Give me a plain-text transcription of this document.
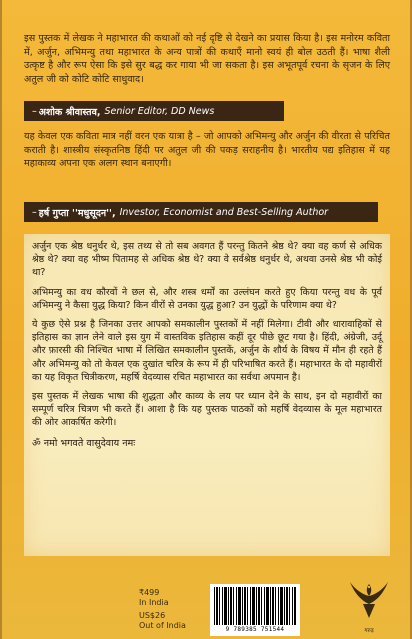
इस पुस्तक में लेखक ने महाभारत की कथाओं को नई दृष्टि से देखने का प्रयास किया है। इस मनोरम कविता में, अर्जुन, अभिमन्यु तथा महाभारत के अन्य पात्रों की कथाएँ मानो स्वयं ही बोल उठती हैं। भाषा शैली उत्कृष्ट है और रूप ऐसा कि इसे सुर बद्ध कर गाया भी जा सकता है। इस अभूतपूर्व रचना के सृजन के लिए अतुल जी को कोटि कोटि साधुवाद।
– अशोक श्रीवास्तव, Senior Editor, DD News
यह केवल एक कविता मात्र नहीं वरन एक यात्रा है – जो आपको अभिमन्यु और अर्जुन की वीरता से परिचित कराती है। शास्त्रीय संस्कृतनिष्ठ हिंदी पर अतुल जी की पकड़ सराहनीय है। भारतीय पद्य इतिहास में यह महाकाव्य अपना एक अलग स्थान बनाएगी।
– हर्ष गुप्ता ''मधुसूदन'', Investor, Economist and Best-Selling Author

अर्जुन एक श्रेष्ठ धनुर्धर थे, इस तथ्य से तो सब अवगत हैं परन्तु कितने श्रेष्ठ थे? क्या वह कर्ण से अधिक श्रेष्ठ थे? क्या वह भीष्म पितामह से अधिक श्रेष्ठ थे? क्या वे सर्वश्रेष्ठ धनुर्धर थे, अथवा उनसे श्रेष्ठ भी कोई था?

अभिमन्यु का वध कौरवों ने छल से, और शस्त्र धर्मों का उल्लंघन करते हुए किया परन्तु वध के पूर्व अभिमन्यु ने कैसा युद्ध किया? किन वीरों से उनका युद्ध हुआ? उन युद्धों के परिणाम क्या थे?

ये कुछ ऐसे प्रश्न है जिनका उत्तर आपको समकालीन पुस्तकों में नहीं मिलेगा। टीवी और धारावाहिकों से इतिहास का ज्ञान लेने वाले इस युग में वास्तविक इतिहास कहीं दूर पीछे छूट गया है। हिंदी, अंग्रेजी, उर्दू और फ़ारसी की निश्चित भाषा में लिखित समकालीन पुस्तकें, अर्जुन के शौर्य के विषय में मौन ही रहते हैं और अभिमन्यु को तो केवल एक दुखांत चरित्र के रूप में ही परिभाषित करते हैं। महाभारत के दो महावीरों का यह विकृत चित्रीकरण, महर्षि वेदव्यास रचित महाभारत का सर्वथा अपमान है।

इस पुस्तक में लेखक भाषा की शुद्धता और काव्य के लय पर ध्यान देने के साथ, इन दो महावीरों का सम्पूर्ण चरित्र चित्रण भी करते हैं। आशा है कि यह पुस्तक पाठकों को महर्षि वेदव्यास के मूल महाभारत की ओर आकर्षित करेगी।

ॐ नमो भगवते वासुदेवाय नमः
₹499
In India
US$26
Out of India	9 789385 751544	गरुड़
